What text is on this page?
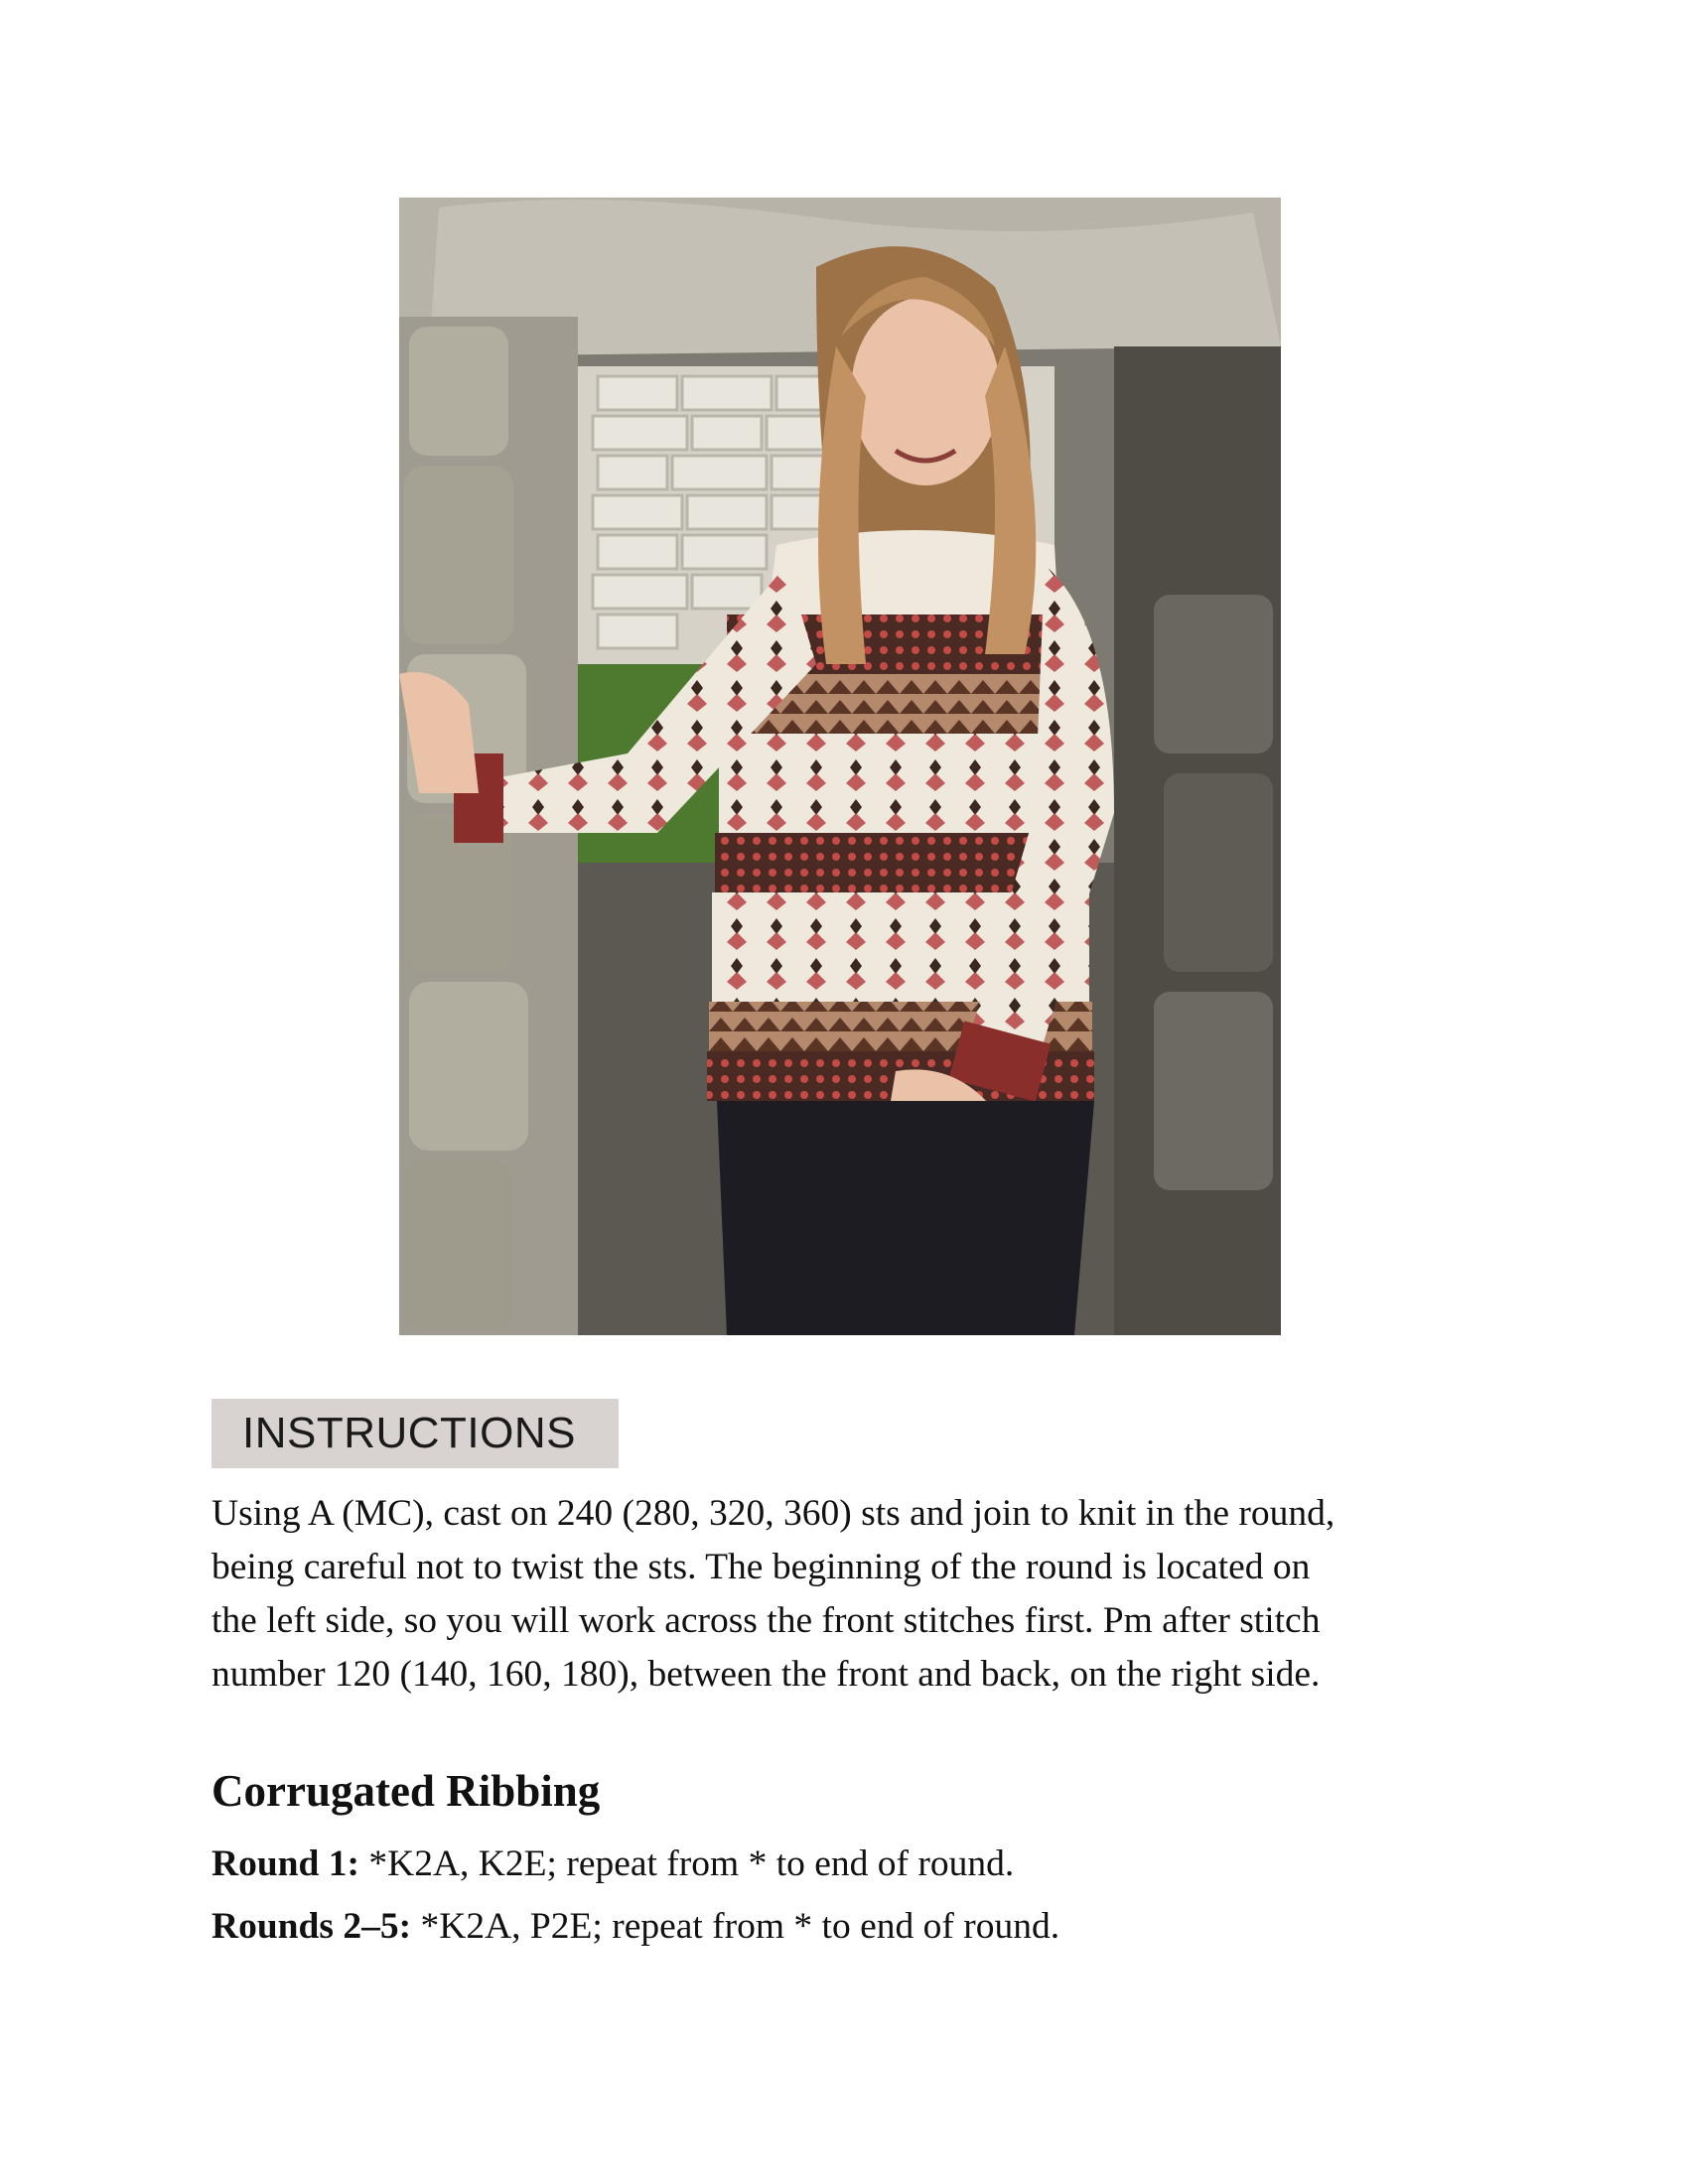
INSTRUCTIONS

Using A (MC), cast on 240 (280, 320, 360) sts and join to knit in the round,
being careful not to twist the sts. The beginning of the round is located on
the left side, so you will work across the front stitches first. Pm after stitch
number 120 (140, 160, 180), between the front and back, on the right side.

Corrugated Ribbing

Round 1: *K2A, K2E; repeat from * to end of round.

Rounds 2–5: *K2A, P2E; repeat from * to end of round.
